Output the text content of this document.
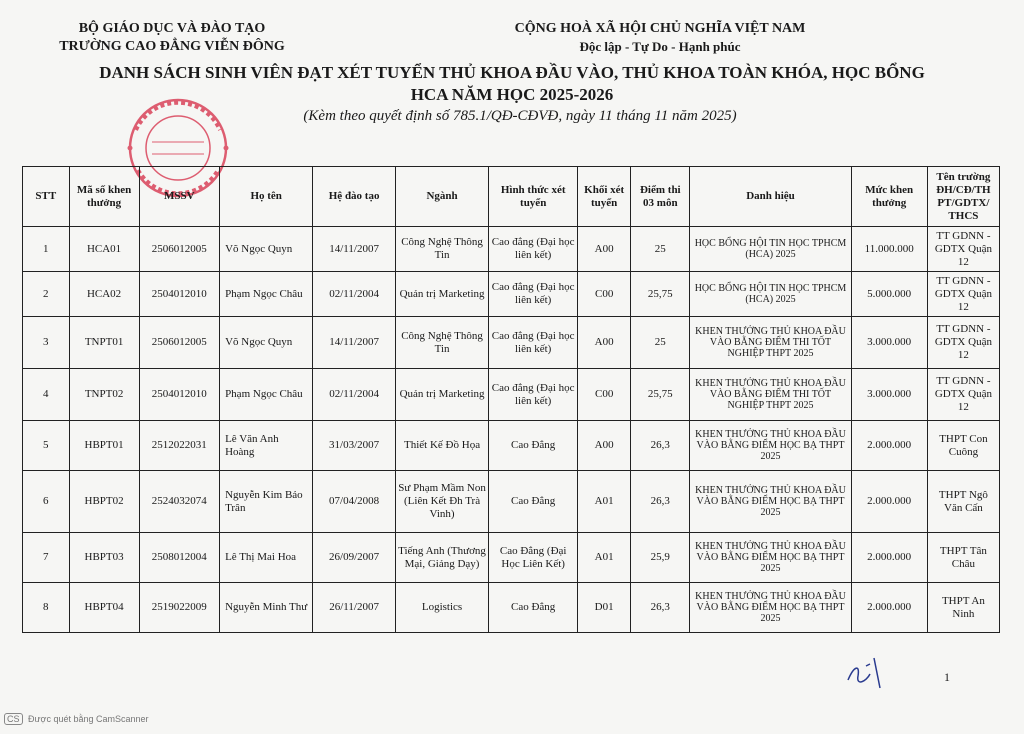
BỘ GIÁO DỤC VÀ ĐÀO TẠO
TRƯỜNG CAO ĐẲNG VIỄN ĐÔNG
CỘNG HOÀ XÃ HỘI CHỦ NGHĨA VIỆT NAM
Độc lập - Tự Do - Hạnh phúc
DANH SÁCH SINH VIÊN ĐẠT XÉT TUYỂN THỦ KHOA ĐẦU VÀO, THỦ KHOA TOÀN KHÓA, HỌC BỔNG
HCA NĂM HỌC 2025-2026
(Kèm theo quyết định số 785.1/QĐ-CĐVĐ, ngày 11 tháng 11 năm 2025)
STT	Mã số khen thưởng	MSSV	Họ tên	Hệ đào tạo	Ngành	Hình thức xét tuyển	Khối xét tuyển	Điểm thi 03 môn	Danh hiệu	Mức khen thưởng	Tên trường ĐH/CĐ/TH PT/GDTX/ THCS
1	HCA01	2506012005	Võ Ngọc Quyn	14/11/2007	Công Nghệ Thông Tin	Cao đẳng (Đại học liên kết)	A00	25	HỌC BỔNG HỘI TIN HỌC TPHCM (HCA) 2025	11.000.000	TT GDNN - GDTX Quận 12
2	HCA02	2504012010	Phạm Ngọc Châu	02/11/2004	Quản trị Marketing	Cao đẳng (Đại học liên kết)	C00	25,75	HỌC BỔNG HỘI TIN HỌC TPHCM (HCA) 2025	5.000.000	TT GDNN - GDTX Quận 12
3	TNPT01	2506012005	Võ Ngọc Quyn	14/11/2007	Công Nghệ Thông Tin	Cao đẳng (Đại học liên kết)	A00	25	KHEN THƯỞNG THỦ KHOA ĐẦU VÀO BẰNG ĐIỂM THI TỐT NGHIỆP THPT 2025	3.000.000	TT GDNN - GDTX Quận 12
4	TNPT02	2504012010	Phạm Ngọc Châu	02/11/2004	Quản trị Marketing	Cao đẳng (Đại học liên kết)	C00	25,75	KHEN THƯỞNG THỦ KHOA ĐẦU VÀO BẰNG ĐIỂM THI TỐT NGHIỆP THPT 2025	3.000.000	TT GDNN - GDTX Quận 12
5	HBPT01	2512022031	Lê Văn Anh Hoàng	31/03/2007	Thiết Kế Đồ Họa	Cao Đẳng	A00	26,3	KHEN THƯỞNG THỦ KHOA ĐẦU VÀO BẰNG ĐIỂM HỌC BẠ THPT 2025	2.000.000	THPT Con Cuông
6	HBPT02	2524032074	Nguyễn Kim Bảo Trân	07/04/2008	Sư Phạm Mầm Non (Liên Kết Đh Trà Vinh)	Cao Đẳng	A01	26,3	KHEN THƯỞNG THỦ KHOA ĐẦU VÀO BẰNG ĐIỂM HỌC BẠ THPT 2025	2.000.000	THPT Ngô Văn Cấn
7	HBPT03	2508012004	Lê Thị Mai Hoa	26/09/2007	Tiếng Anh (Thương Mại, Giảng Dạy)	Cao Đẳng (Đại Học Liên Kết)	A01	25,9	KHEN THƯỞNG THỦ KHOA ĐẦU VÀO BẰNG ĐIỂM HỌC BẠ THPT 2025	2.000.000	THPT Tân Châu
8	HBPT04	2519022009	Nguyễn Minh Thư	26/11/2007	Logistics	Cao Đẳng	D01	26,3	KHEN THƯỞNG THỦ KHOA ĐẦU VÀO BẰNG ĐIỂM HỌC BẠ THPT 2025	2.000.000	THPT An Ninh
1
CS Được quét bằng CamScanner
